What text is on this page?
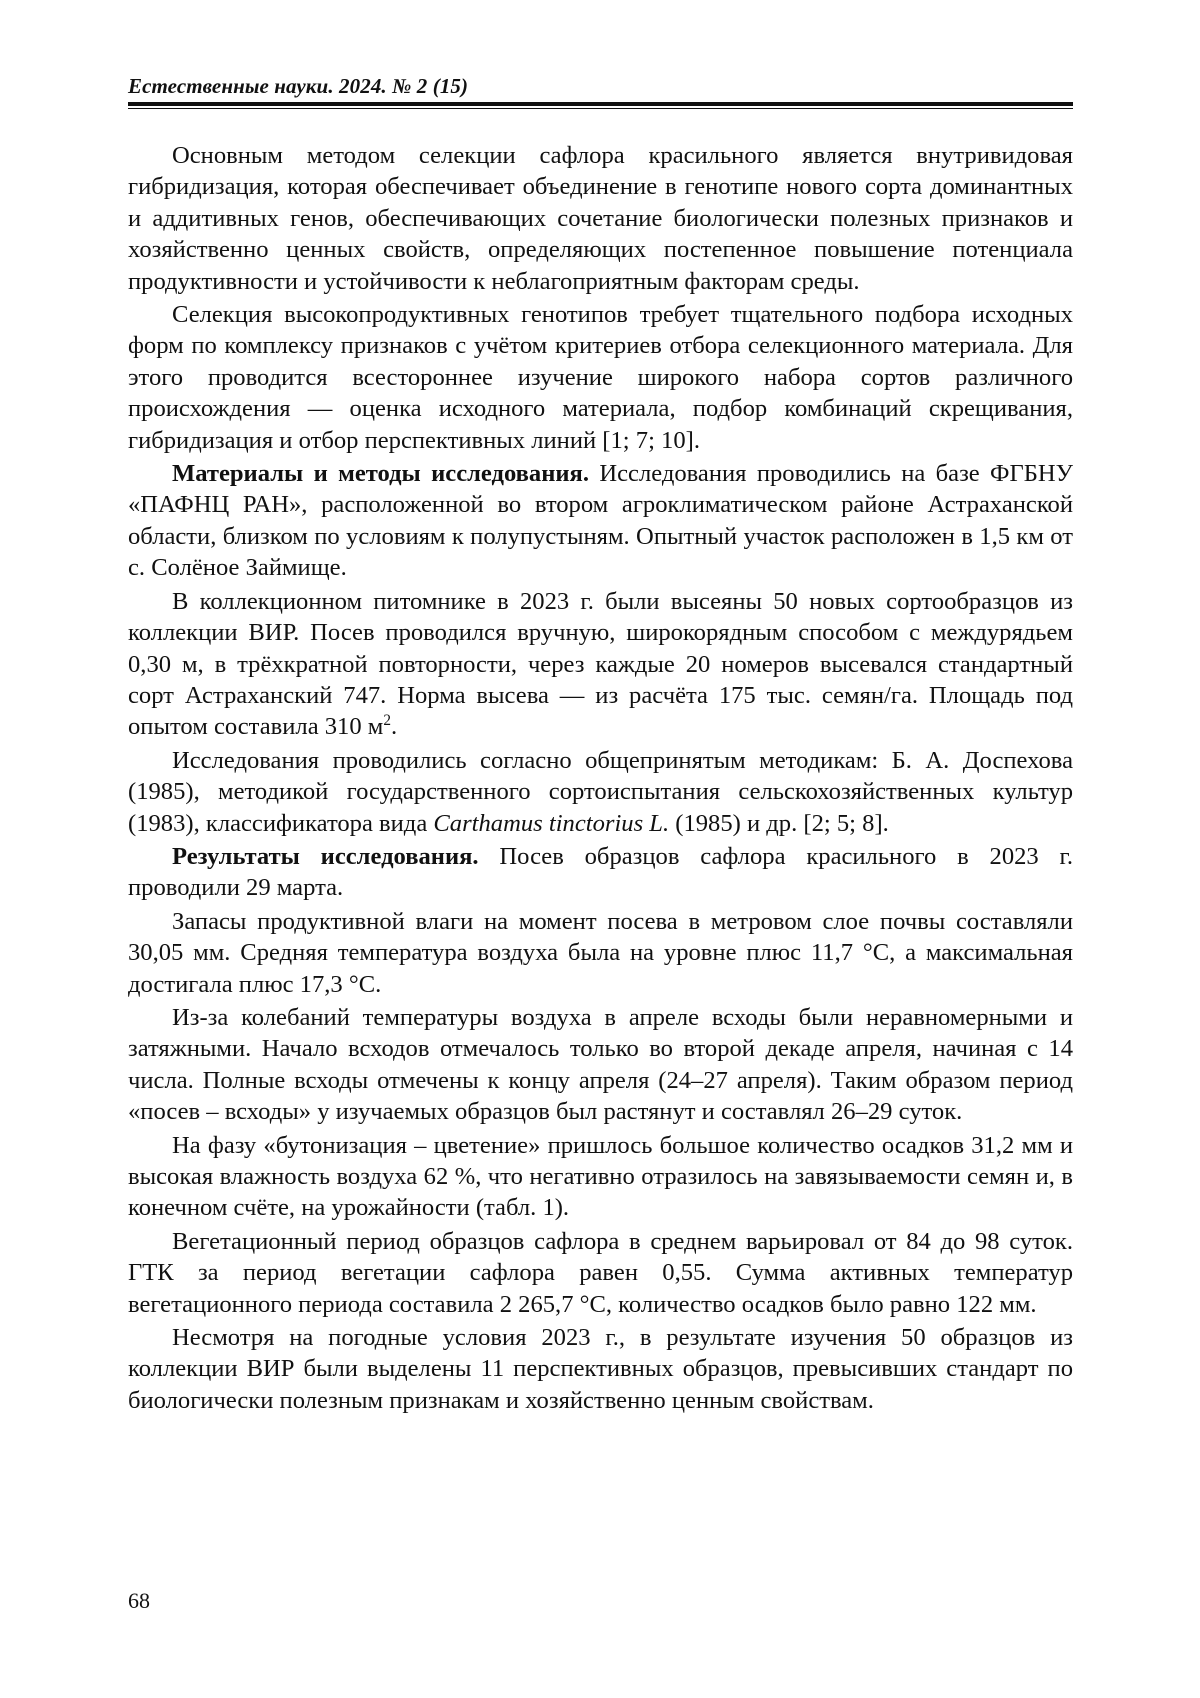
Естественные науки. 2024. № 2 (15)

Основным методом селекции сафлора красильного является внутривидовая гибридизация, которая обеспечивает объединение в генотипе нового сорта доминантных и аддитивных генов, обеспечивающих сочетание биологически полезных признаков и хозяйственно ценных свойств, определяющих постепенное повышение потенциала продуктивности и устойчивости к неблагоприятным факторам среды.

Селекция высокопродуктивных генотипов требует тщательного подбора исходных форм по комплексу признаков с учётом критериев отбора селекционного материала. Для этого проводится всестороннее изучение широкого набора сортов различного происхождения — оценка исходного материала, подбор комбинаций скрещивания, гибридизация и отбор перспективных линий [1; 7; 10].

Материалы и методы исследования. Исследования проводились на базе ФГБНУ «ПАФНЦ РАН», расположенной во втором агроклиматическом районе Астраханской области, близком по условиям к полупустыням. Опытный участок расположен в 1,5 км от с. Солёное Займище.

В коллекционном питомнике в 2023 г. были высеяны 50 новых сортообразцов из коллекции ВИР. Посев проводился вручную, широкорядным способом с междурядьем 0,30 м, в трёхкратной повторности, через каждые 20 номеров высевался стандартный сорт Астраханский 747. Норма высева — из расчёта 175 тыс. семян/га. Площадь под опытом составила 310 $м^2$.

Исследования проводились согласно общепринятым методикам: Б. А. Доспехова (1985), методикой государственного сортоиспытания сельскохозяйственных культур (1983), классификатора вида Carthamus tinctorius L. (1985) и др. [2; 5; 8].

Результаты исследования. Посев образцов сафлора красильного в 2023 г. проводили 29 марта.

Запасы продуктивной влаги на момент посева в метровом слое почвы составляли 30,05 мм. Средняя температура воздуха была на уровне плюс 11,7 °С, а максимальная достигала плюс 17,3 °С.

Из-за колебаний температуры воздуха в апреле всходы были неравномерными и затяжными. Начало всходов отмечалось только во второй декаде апреля, начиная с 14 числа. Полные всходы отмечены к концу апреля (24–27 апреля). Таким образом период «посев – всходы» у изучаемых образцов был растянут и составлял 26–29 суток.

На фазу «бутонизация – цветение» пришлось большое количество осадков 31,2 мм и высокая влажность воздуха 62 %, что негативно отразилось на завязываемости семян и, в конечном счёте, на урожайности (табл. 1).

Вегетационный период образцов сафлора в среднем варьировал от 84 до 98 суток. ГТК за период вегетации сафлора равен 0,55. Сумма активных температур вегетационного периода составила 2 265,7 °С, количество осадков было равно 122 мм.

Несмотря на погодные условия 2023 г., в результате изучения 50 образцов из коллекции ВИР были выделены 11 перспективных образцов, превысивших стандарт по биологически полезным признакам и хозяйственно ценным свойствам.

68
